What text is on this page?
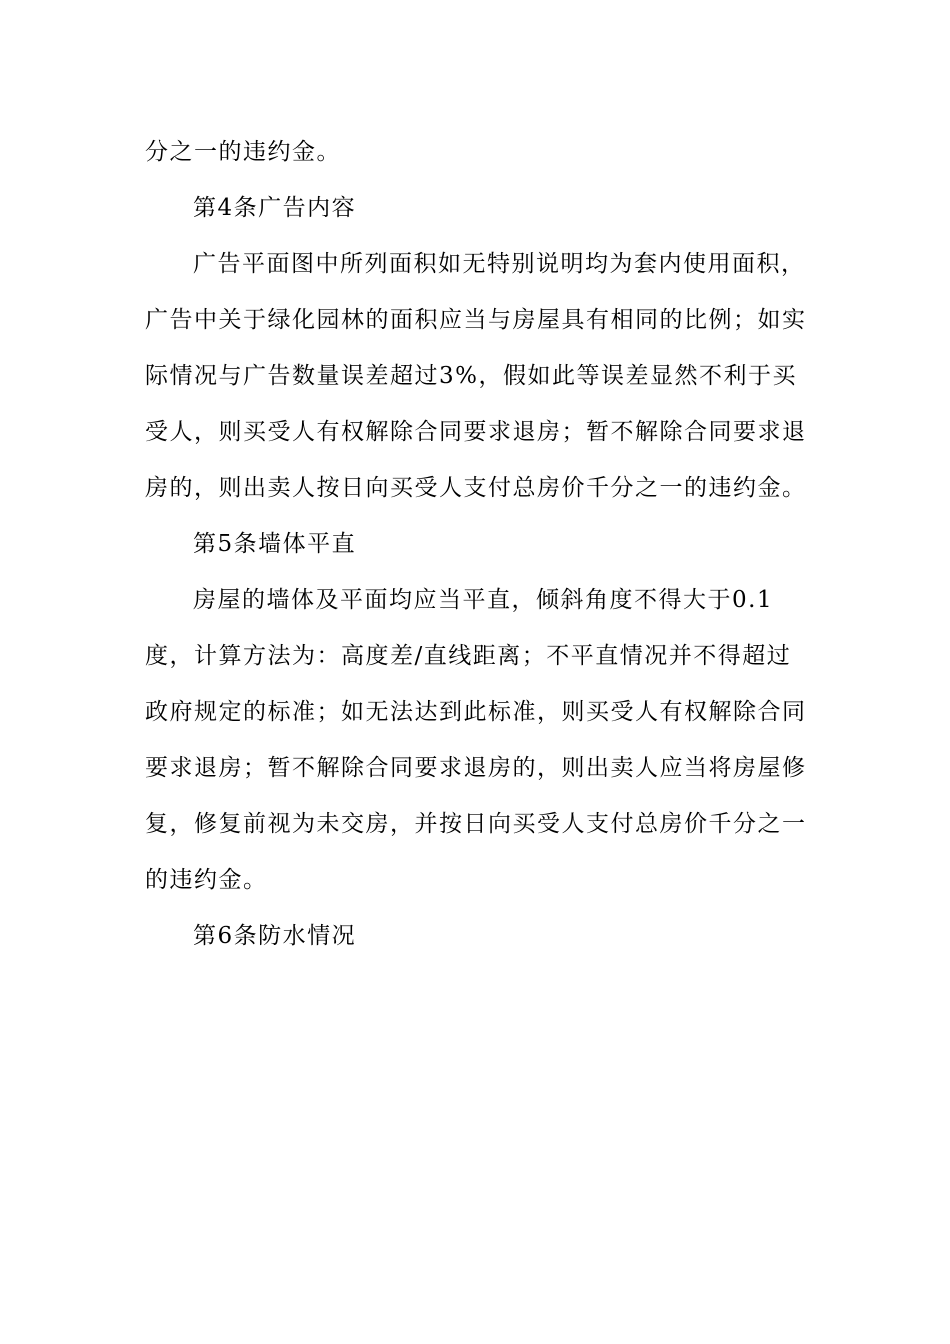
分之一的违约金。

第4条广告内容

广告平面图中所列面积如无特别说明均为套内使用面积，广告中关于绿化园林的面积应当与房屋具有相同的比例；如实际情况与广告数量误差超过3%，假如此等误差显然不利于买受人，则买受人有权解除合同要求退房；暂不解除合同要求退房的，则出卖人按日向买受人支付总房价千分之一的违约金。

第5条墙体平直

房屋的墙体及平面均应当平直，倾斜角度不得大于0.1度，计算方法为：高度差/直线距离；不平直情况并不得超过政府规定的标准；如无法达到此标准，则买受人有权解除合同要求退房；暂不解除合同要求退房的，则出卖人应当将房屋修复，修复前视为未交房，并按日向买受人支付总房价千分之一的违约金。

第6条防水情况
